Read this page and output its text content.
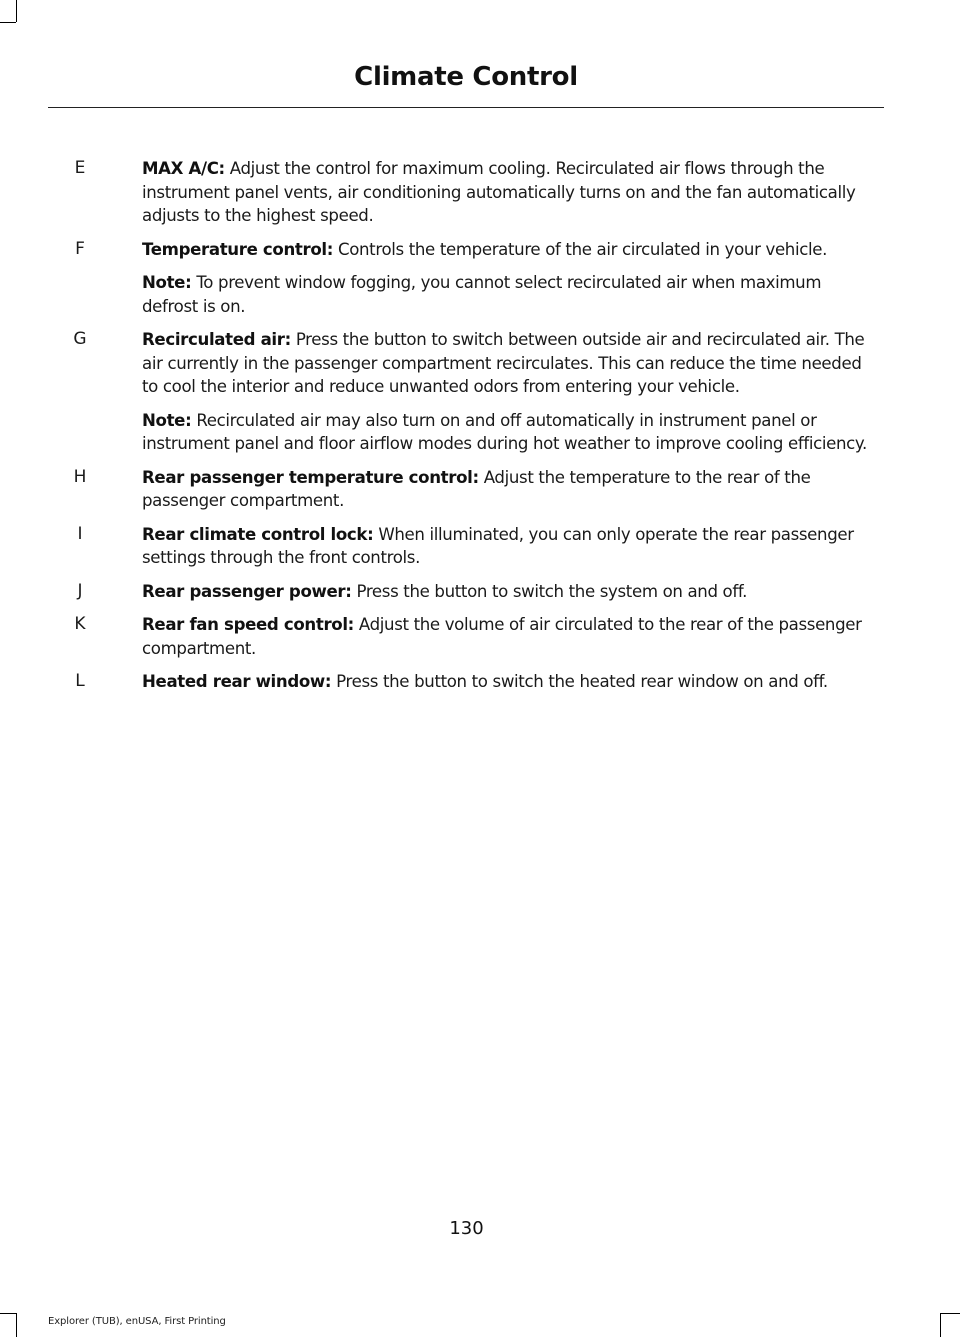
Climate Control
E	MAX A/C: Adjust the control for maximum cooling. Recirculated air flows through the instrument panel vents, air conditioning automatically turns on and the fan automatically adjusts to the highest speed.
F	Temperature control: Controls the temperature of the air circulated in your vehicle.
Note: To prevent window fogging, you cannot select recirculated air when maximum defrost is on.
G	Recirculated air: Press the button to switch between outside air and recirculated air. The air currently in the passenger compartment recirculates. This can reduce the time needed to cool the interior and reduce unwanted odors from entering your vehicle.
Note: Recirculated air may also turn on and off automatically in instrument panel or instrument panel and floor airflow modes during hot weather to improve cooling efficiency.
H	Rear passenger temperature control: Adjust the temperature to the rear of the passenger compartment.
I	Rear climate control lock: When illuminated, you can only operate the rear passenger settings through the front controls.
J	Rear passenger power: Press the button to switch the system on and off.
K	Rear fan speed control: Adjust the volume of air circulated to the rear of the passenger compartment.
L	Heated rear window: Press the button to switch the heated rear window on and off.
130
Explorer (TUB), enUSA, First Printing
